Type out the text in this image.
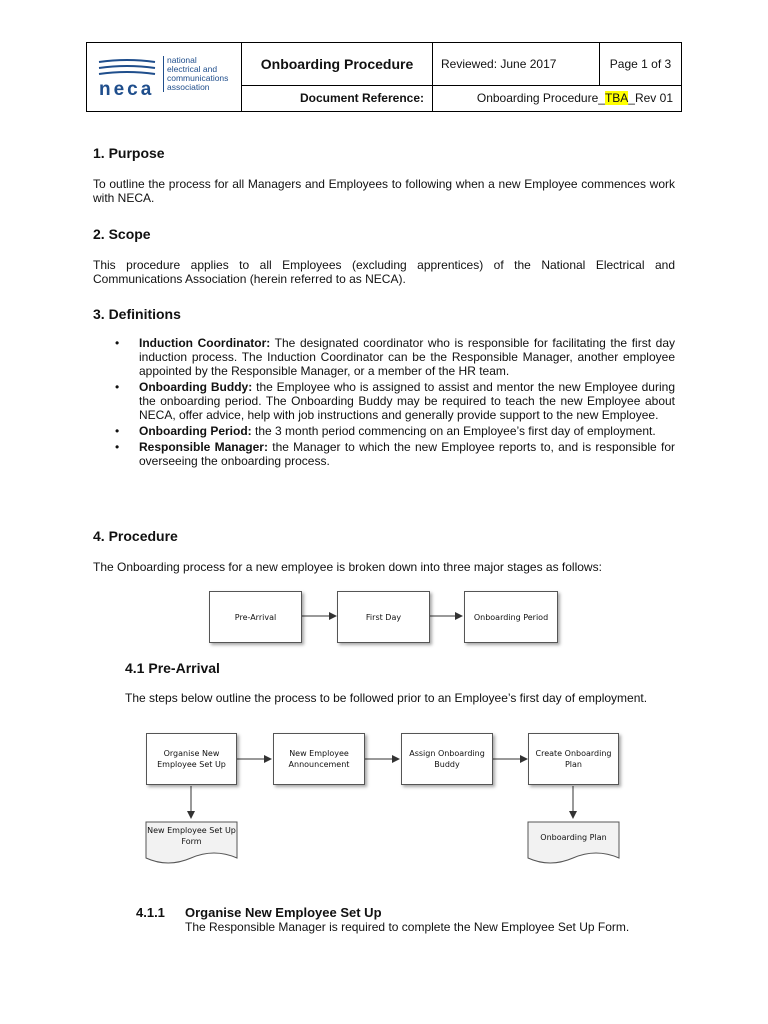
neca
national
electrical and
communications
association	Onboarding Procedure	Reviewed: June 2017	Page 1 of 3
	Document Reference:	Onboarding Procedure_TBA_Rev 01	
1. Purpose
To outline the process for all Managers and Employees to following when a new Employee commences work with NECA.
2. Scope
This procedure applies to all Employees (excluding apprentices) of the National Electrical and Communications Association (herein referred to as NECA).
3. Definitions
• Induction Coordinator: The designated coordinator who is responsible for facilitating the first day induction process. The Induction Coordinator can be the Responsible Manager, another employee appointed by the Responsible Manager, or a member of the HR team.
• Onboarding Buddy: the Employee who is assigned to assist and mentor the new Employee during the onboarding period. The Onboarding Buddy may be required to teach the new Employee about NECA, offer advice, help with job instructions and generally provide support to the new Employee.
• Onboarding Period: the 3 month period commencing on an Employee’s first day of employment.
• Responsible Manager: the Manager to which the new Employee reports to, and is responsible for overseeing the onboarding process.
4. Procedure
The Onboarding process for a new employee is broken down into three major stages as follows:
Pre-Arrival	First Day	Onboarding Period
4.1 Pre-Arrival
The steps below outline the process to be followed prior to an Employee’s first day of employment.
Organise New Employee Set Up
New Employee Announcement
Assign Onboarding Buddy
Create Onboarding Plan
New Employee Set Up Form	Onboarding Plan
4.1.1 Organise New Employee Set Up
The Responsible Manager is required to complete the New Employee Set Up Form.
